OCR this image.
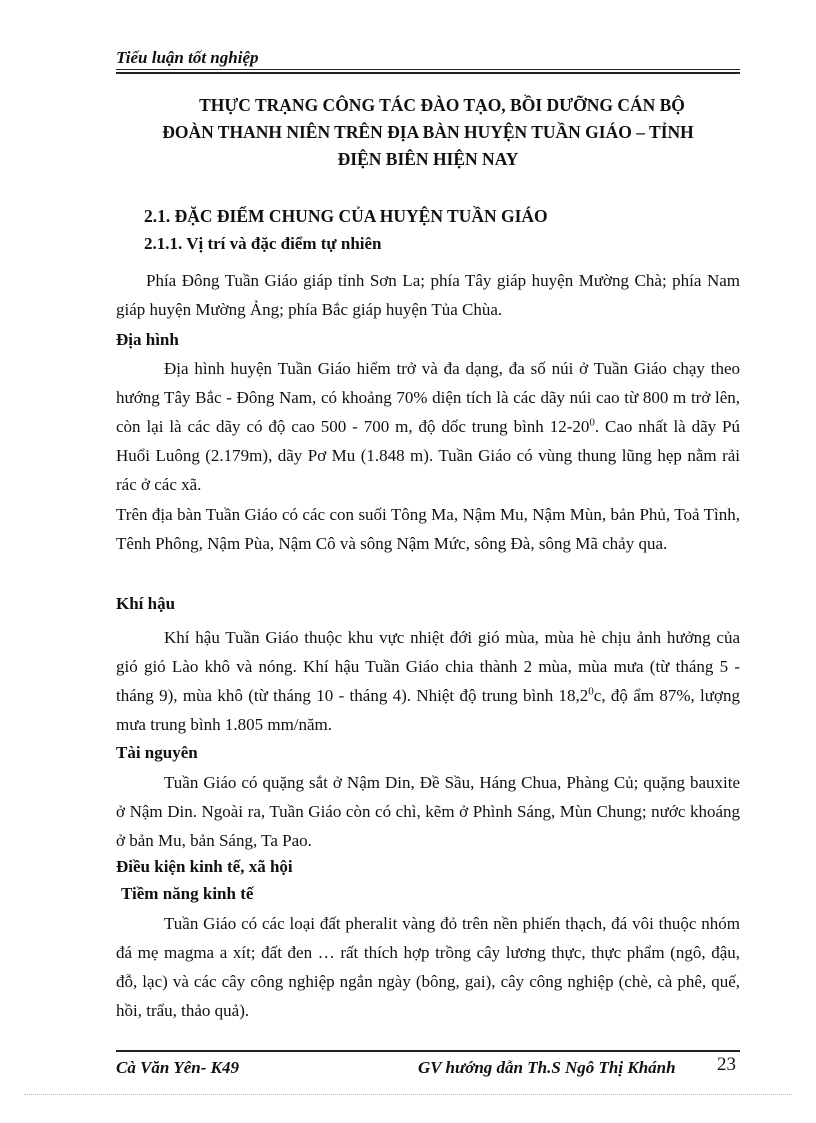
Tiểu luận tốt nghiệp
THỰC TRẠNG CÔNG TÁC ĐÀO TẠO, BỒI DƯỠNG CÁN BỘ
ĐOÀN THANH NIÊN TRÊN ĐỊA BÀN HUYỆN TUẦN GIÁO – TỈNH
ĐIỆN BIÊN HIỆN NAY
2.1. ĐẶC ĐIỂM CHUNG CỦA HUYỆN TUẦN GIÁO
2.1.1. Vị trí và đặc điểm tự nhiên
Phía Đông Tuần Giáo giáp tỉnh Sơn La; phía Tây giáp huyện Mường Chà; phía Nam giáp huyện Mường Ảng; phía Bắc giáp huyện Tủa Chùa.
Địa hình
Địa hình huyện Tuần Giáo hiểm trở và đa dạng, đa số núi ở Tuần Giáo chạy theo hướng Tây Bắc - Đông Nam, có khoảng 70% diện tích là các dãy núi cao từ 800 m trở lên, còn lại là các dãy có độ cao 500 - 700 m, độ dốc trung bình $12-20^0$. Cao nhất là dãy Pú Huổi Luông (2.179m), dãy Pơ Mu (1.848 m). Tuần Giáo có vùng thung lũng hẹp nằm rải rác ở các xã.
Trên địa bàn Tuần Giáo có các con suối Tông Ma, Nậm Mu, Nậm Mùn, bản Phủ, Toả Tình, Tênh Phông, Nậm Pùa, Nậm Cô và sông Nậm Mức, sông Đà, sông Mã chảy qua.
Khí hậu
Khí hậu Tuần Giáo thuộc khu vực nhiệt đới gió mùa, mùa hè chịu ảnh hưởng của gió gió Lào khô và nóng. Khí hậu Tuần Giáo chia thành 2 mùa, mùa mưa (từ tháng 5 - tháng 9), mùa khô (từ tháng 10 - tháng 4). Nhiệt độ trung bình 18,2$^0$c, độ ẩm 87%, lượng mưa trung bình 1.805 mm/năm.
Tài nguyên
Tuần Giáo có quặng sắt ở Nậm Din, Đề Sầu, Háng Chua, Phàng Củ; quặng bauxite ở Nậm Din. Ngoài ra, Tuần Giáo còn có chì, kẽm ở Phình Sáng, Mùn Chung; nước khoáng ở bản Mu, bản Sáng, Ta Pao.
Điều kiện kinh tế, xã hội
Tiềm năng kinh tế
Tuần Giáo có các loại đất pheralit vàng đỏ trên nền phiến thạch, đá vôi thuộc nhóm đá mẹ magma a xít; đất đen … rất thích hợp trồng cây lương thực, thực phẩm (ngô, đậu, đỗ, lạc) và các cây công nghiệp ngắn ngày (bông, gai), cây công nghiệp (chè, cà phê, quế, hồi, trẩu, thảo quả).
Cà Văn Yên- K49	GV hướng dẫn Th.S Ngô Thị Khánh 23
